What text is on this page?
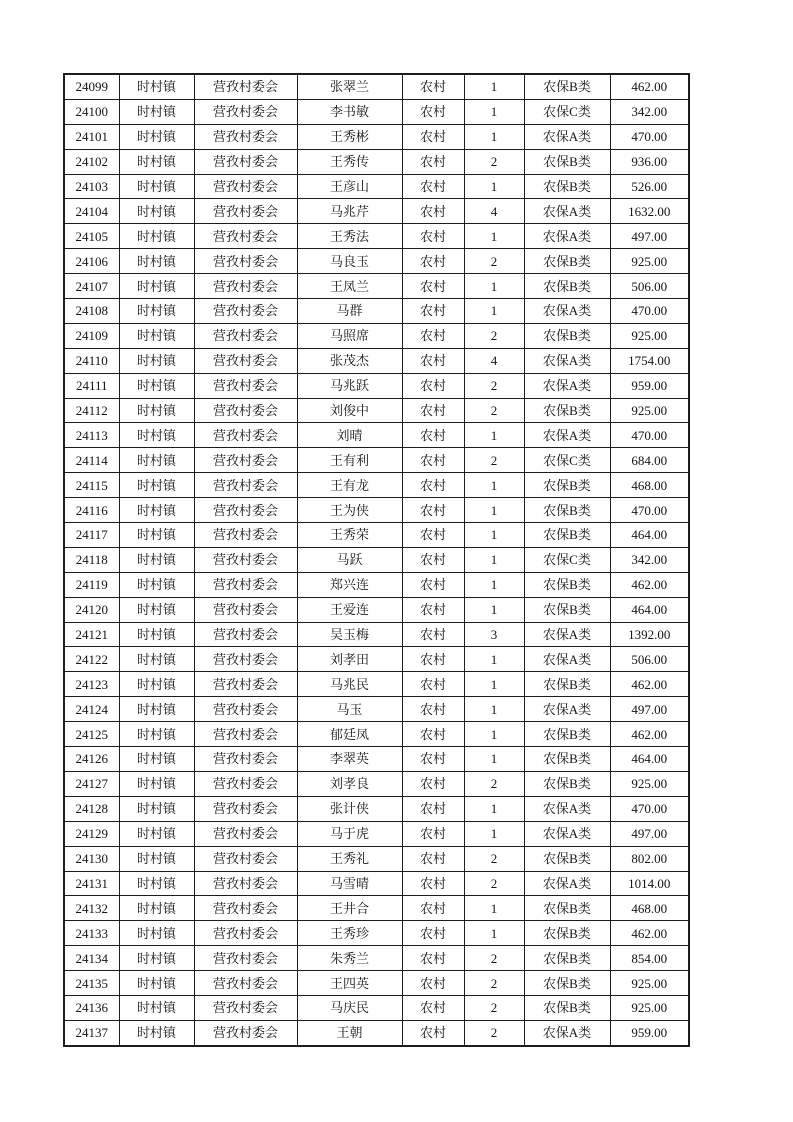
24099	时村镇	营孜村委会	张翠兰	农村	1	农保B类	462.00
24100	时村镇	营孜村委会	李书敏	农村	1	农保C类	342.00
24101	时村镇	营孜村委会	王秀彬	农村	1	农保A类	470.00
24102	时村镇	营孜村委会	王秀传	农村	2	农保B类	936.00
24103	时村镇	营孜村委会	王彦山	农村	1	农保B类	526.00
24104	时村镇	营孜村委会	马兆芹	农村	4	农保A类	1632.00
24105	时村镇	营孜村委会	王秀法	农村	1	农保A类	497.00
24106	时村镇	营孜村委会	马良玉	农村	2	农保B类	925.00
24107	时村镇	营孜村委会	王凤兰	农村	1	农保B类	506.00
24108	时村镇	营孜村委会	马群	农村	1	农保A类	470.00
24109	时村镇	营孜村委会	马照席	农村	2	农保B类	925.00
24110	时村镇	营孜村委会	张茂杰	农村	4	农保A类	1754.00
24111	时村镇	营孜村委会	马兆跃	农村	2	农保A类	959.00
24112	时村镇	营孜村委会	刘俊中	农村	2	农保B类	925.00
24113	时村镇	营孜村委会	刘晴	农村	1	农保A类	470.00
24114	时村镇	营孜村委会	王有利	农村	2	农保C类	684.00
24115	时村镇	营孜村委会	王有龙	农村	1	农保B类	468.00
24116	时村镇	营孜村委会	王为侠	农村	1	农保B类	470.00
24117	时村镇	营孜村委会	王秀荣	农村	1	农保B类	464.00
24118	时村镇	营孜村委会	马跃	农村	1	农保C类	342.00
24119	时村镇	营孜村委会	郑兴连	农村	1	农保B类	462.00
24120	时村镇	营孜村委会	王爱连	农村	1	农保B类	464.00
24121	时村镇	营孜村委会	吴玉梅	农村	3	农保A类	1392.00
24122	时村镇	营孜村委会	刘孝田	农村	1	农保A类	506.00
24123	时村镇	营孜村委会	马兆民	农村	1	农保B类	462.00
24124	时村镇	营孜村委会	马玉	农村	1	农保A类	497.00
24125	时村镇	营孜村委会	郁廷凤	农村	1	农保B类	462.00
24126	时村镇	营孜村委会	李翠英	农村	1	农保B类	464.00
24127	时村镇	营孜村委会	刘孝良	农村	2	农保B类	925.00
24128	时村镇	营孜村委会	张计侠	农村	1	农保A类	470.00
24129	时村镇	营孜村委会	马于虎	农村	1	农保A类	497.00
24130	时村镇	营孜村委会	王秀礼	农村	2	农保B类	802.00
24131	时村镇	营孜村委会	马雪晴	农村	2	农保A类	1014.00
24132	时村镇	营孜村委会	王井合	农村	1	农保B类	468.00
24133	时村镇	营孜村委会	王秀珍	农村	1	农保B类	462.00
24134	时村镇	营孜村委会	朱秀兰	农村	2	农保B类	854.00
24135	时村镇	营孜村委会	王四英	农村	2	农保B类	925.00
24136	时村镇	营孜村委会	马庆民	农村	2	农保B类	925.00
24137	时村镇	营孜村委会	王朝	农村	2	农保A类	959.00
